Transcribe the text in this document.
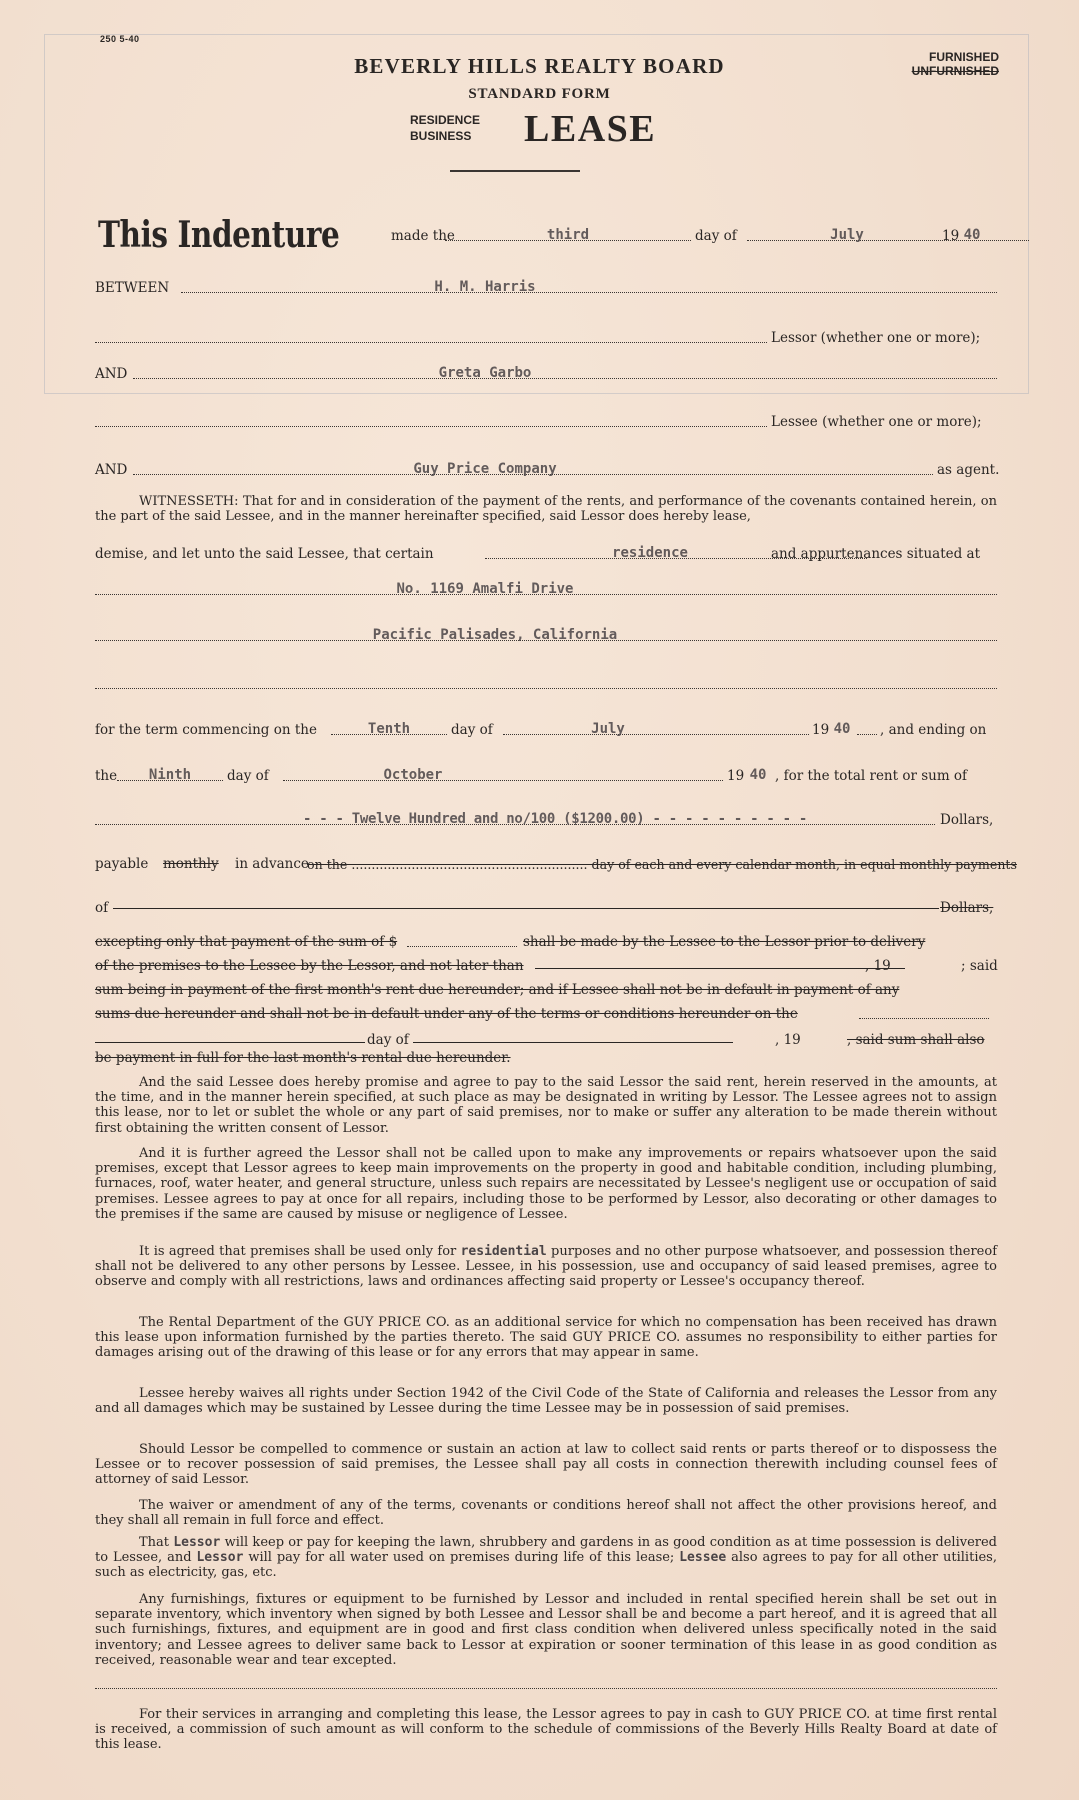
250 5-40
BEVERLY HILLS REALTY BOARD
STANDARD FORM
FURNISHED
UNFURNISHED
RESIDENCE
BUSINESS LEASE
This Indenture	made the	third	day of	July	19 40
BETWEEN	H. M. Harris
Lessor (whether one or more);
AND	Greta Garbo
Lessee (whether one or more);
AND	Guy Price Company	as agent.
WITNESSETH: That for and in consideration of the payment of the rents, and performance of the covenants contained herein, on the part of the said Lessee, and in the manner hereinafter specified, said Lessor does hereby lease,
demise, and let unto the said Lessee, that certain	residence	and appurtenances situated at
No. 1169 Amalfi Drive
Pacific Palisades, California
for the term commencing on the	Tenth	day of	July	19 40	, and ending on
the	Ninth	day of	October	19 40 , for the total rent or sum of
- - - Twelve Hundred and no/100 ($1200.00) - - - - - - - - - -	Dollars,
payable monthly in advance
on the ........................................................... day of each and every calendar month, in equal monthly payments
of	Dollars,
excepting only that payment of the sum of $	shall be made by the Lessee to the Lessor prior to delivery
of the premises to the Lessee by the Lessor, and not later than	, 19	; said
sum being in payment of the first month's rent due hereunder; and if Lessee shall not be in default in payment of any
sums due hereunder and shall not be in default under any of the terms or conditions hereunder on the
day of	, 19	, said sum shall also
be payment in full for the last month's rental due hereunder.
And the said Lessee does hereby promise and agree to pay to the said Lessor the said rent, herein reserved in the amounts, at the time, and in the manner herein specified, at such place as may be designated in writing by Lessor. The Lessee agrees not to assign this lease, nor to let or sublet the whole or any part of said premises, nor to make or suffer any alteration to be made therein without first obtaining the written consent of Lessor.
And it is further agreed the Lessor shall not be called upon to make any improvements or repairs whatsoever upon the said premises, except that Lessor agrees to keep main improvements on the property in good and habitable condition, including plumbing, furnaces, roof, water heater, and general structure, unless such repairs are necessitated by Lessee's negligent use or occupation of said premises. Lessee agrees to pay at once for all repairs, including those to be performed by Lessor, also decorating or other damages to the premises if the same are caused by misuse or negligence of Lessee.
It is agreed that premises shall be used only for residential purposes and no other purpose whatsoever, and possession thereof shall not be delivered to any other persons by Lessee. Lessee, in his possession, use and occupancy of said leased premises, agree to observe and comply with all restrictions, laws and ordinances affecting said property or Lessee's occupancy thereof.
The Rental Department of the GUY PRICE CO. as an additional service for which no compensation has been received has drawn this lease upon information furnished by the parties thereto. The said GUY PRICE CO. assumes no responsibility to either parties for damages arising out of the drawing of this lease or for any errors that may appear in same.
Lessee hereby waives all rights under Section 1942 of the Civil Code of the State of California and releases the Lessor from any and all damages which may be sustained by Lessee during the time Lessee may be in possession of said premises.
Should Lessor be compelled to commence or sustain an action at law to collect said rents or parts thereof or to dispossess the Lessee or to recover possession of said premises, the Lessee shall pay all costs in connection therewith including counsel fees of attorney of said Lessor.
The waiver or amendment of any of the terms, covenants or conditions hereof shall not affect the other provisions hereof, and they shall all remain in full force and effect.
That Lessor will keep or pay for keeping the lawn, shrubbery and gardens in as good condition as at time possession is delivered to Lessee, and Lessor will pay for all water used on premises during life of this lease; Lessee also agrees to pay for all other utilities, such as electricity, gas, etc.
Any furnishings, fixtures or equipment to be furnished by Lessor and included in rental specified herein shall be set out in separate inventory, which inventory when signed by both Lessee and Lessor shall be and become a part hereof, and it is agreed that all such furnishings, fixtures, and equipment are in good and first class condition when delivered unless specifically noted in the said inventory; and Lessee agrees to deliver same back to Lessor at expiration or sooner termination of this lease in as good condition as received, reasonable wear and tear excepted.
For their services in arranging and completing this lease, the Lessor agrees to pay in cash to GUY PRICE CO. at time first rental is received, a commission of such amount as will conform to the schedule of commissions of the Beverly Hills Realty Board at date of this lease.
